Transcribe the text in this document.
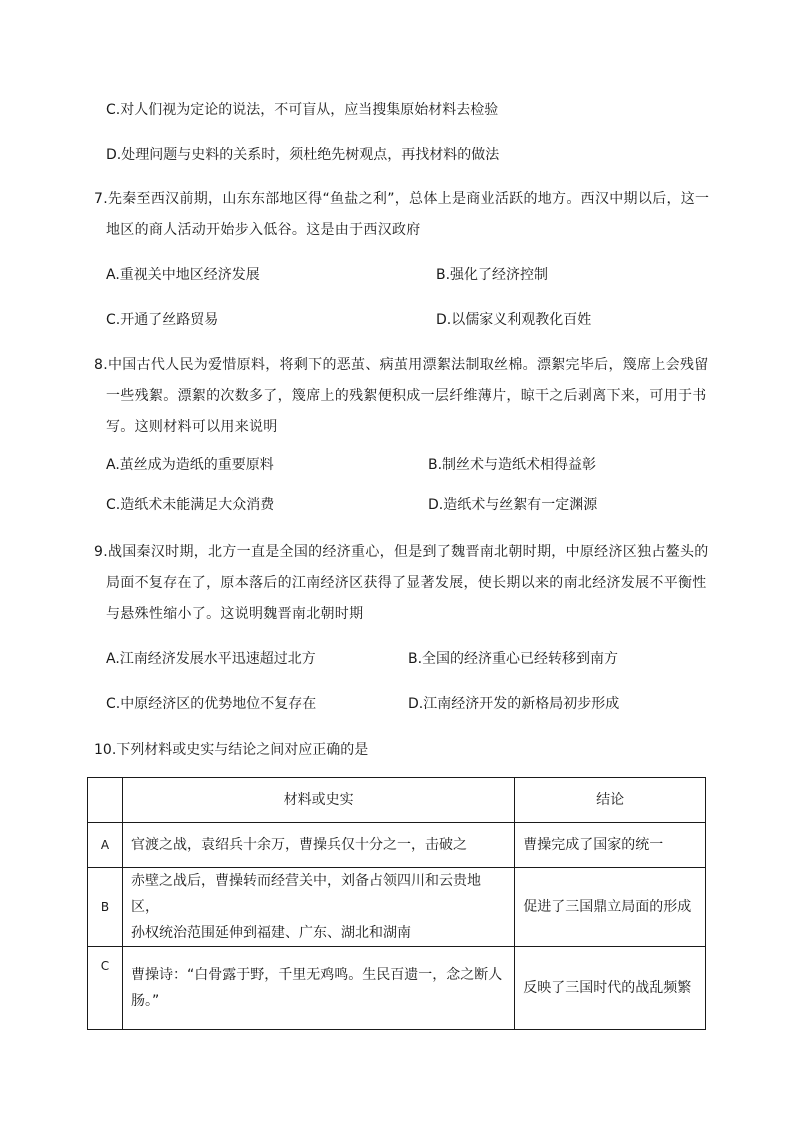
C.对人们视为定论的说法，不可盲从，应当搜集原始材料去检验
D.处理问题与史料的关系时，须杜绝先树观点，再找材料的做法
7.先秦至西汉前期，山东东部地区得“鱼盐之利”，总体上是商业活跃的地方。西汉中期以后，这一
地区的商人活动开始步入低谷。这是由于西汉政府
A.重视关中地区经济发展	B.强化了经济控制
C.开通了丝路贸易	D.以儒家义利观教化百姓
8.中国古代人民为爱惜原料，将剩下的恶茧、病茧用漂絮法制取丝棉。漂絮完毕后，篾席上会残留
一些残絮。漂絮的次数多了，篾席上的残絮便积成一层纤维薄片，晾干之后剥离下来，可用于书
写。这则材料可以用来说明
A.茧丝成为造纸的重要原料	B.制丝术与造纸术相得益彰
C.造纸术未能满足大众消费	D.造纸术与丝絮有一定渊源
9.战国秦汉时期，北方一直是全国的经济重心，但是到了魏晋南北朝时期，中原经济区独占鳌头的
局面不复存在了，原本落后的江南经济区获得了显著发展，使长期以来的南北经济发展不平衡性
与悬殊性缩小了。这说明魏晋南北朝时期
A.江南经济发展水平迅速超过北方	B.全国的经济重心已经转移到南方
C.中原经济区的优势地位不复存在	D.江南经济开发的新格局初步形成
10.下列材料或史实与结论之间对应正确的是
	材料或史实	结论
A	官渡之战，袁绍兵十余万，曹操兵仅十分之一，击破之	曹操完成了国家的统一
B	赤壁之战后，曹操转而经营关中，刘备占领四川和云贵地区，
孙权统治范围延伸到福建、广东、湖北和湖南	促进了三国鼎立局面的形成
C	曹操诗：“白骨露于野，千里无鸡鸣。生民百遗一，念之断人
肠。”	反映了三国时代的战乱频繁
